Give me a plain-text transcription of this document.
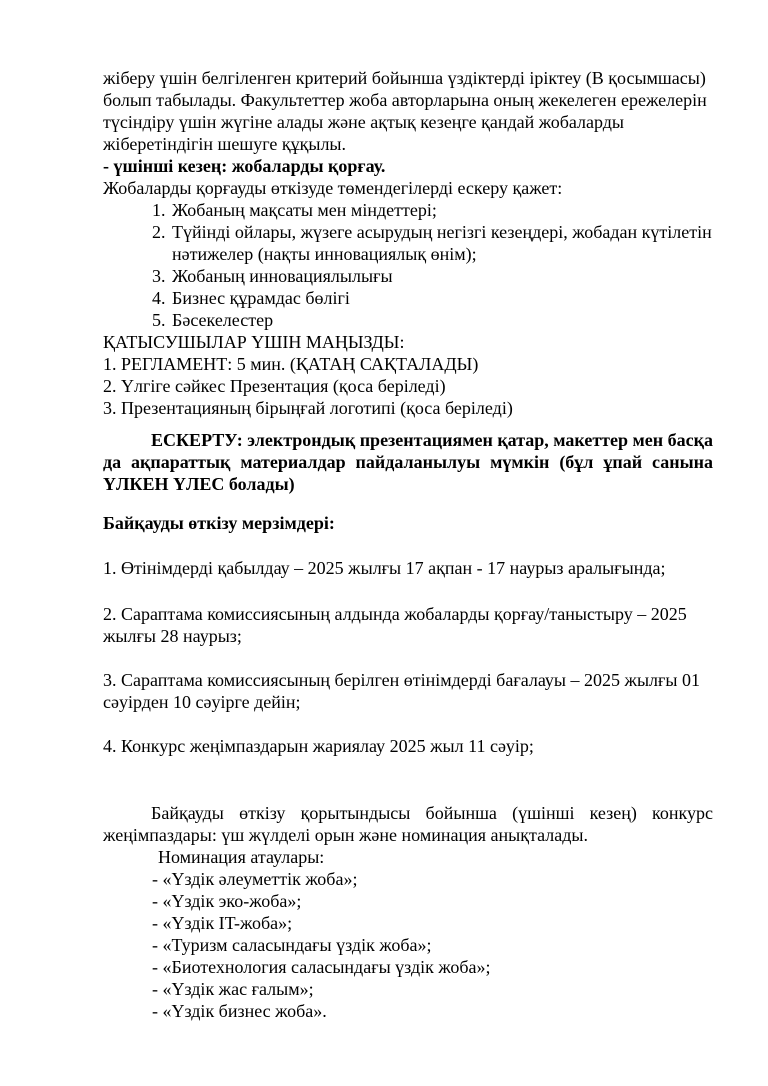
жіберу үшін белгіленген критерий бойынша үздіктерді іріктеу (В қосымшасы) болып табылады. Факультеттер жоба авторларына оның жекелеген ережелерін түсіндіру үшін жүгіне алады және ақтық кезеңге қандай жобаларды жіберетіндігін шешуге құқылы.

- үшінші кезең: жобаларды қорғау.

Жобаларды қорғауды өткізуде төмендегілерді ескеру қажет:

1. Жобаның мақсаты мен міндеттері;
2. Түйінді ойлары, жүзеге асырудың негізгі кезеңдері, жобадан күтілетін нәтижелер (нақты инновациялық өнім);
3. Жобаның инновациялылығы
4. Бизнес құрамдас бөлігі
5. Бәсекелестер

ҚАТЫСУШЫЛАР ҮШІН МАҢЫЗДЫ:

1. РЕГЛАМЕНТ: 5 мин. (ҚАТАҢ САҚТАЛАДЫ)

2. Үлгіге сәйкес Презентация (қоса беріледі)

3. Презентацияның бірыңғай логотипі (қоса беріледі)

ЕСКЕРТУ: электрондық презентациямен қатар, макеттер мен басқа да ақпараттық материалдар пайдаланылуы мүмкін (бұл ұпай санына ҮЛКЕН ҮЛЕС болады)

Байқауды өткізу мерзімдері:

1. Өтінімдерді қабылдау – 2025 жылғы 17 ақпан - 17 наурыз аралығында;

2. Сараптама комиссиясының алдында жобаларды қорғау/таныстыру – 2025 жылғы 28 наурыз;

3. Сараптама комиссиясының берілген өтінімдерді бағалауы – 2025 жылғы 01 сәуірден 10 сәуірге дейін;

4. Конкурс жеңімпаздарын жариялау 2025 жыл 11 сәуір;

Байқауды өткізу қорытындысы бойынша (үшінші кезең) конкурс жеңімпаздары: үш жүлделі орын және номинация анықталады.

Номинация атаулары:

- «Үздік әлеуметтік жоба»;

- «Үздік эко-жоба»;

- «Үздік IT-жоба»;

- «Туризм саласындағы үздік жоба»;

- «Биотехнология саласындағы үздік жоба»;

- «Үздік жас ғалым»;

- «Үздік бизнес жоба».
